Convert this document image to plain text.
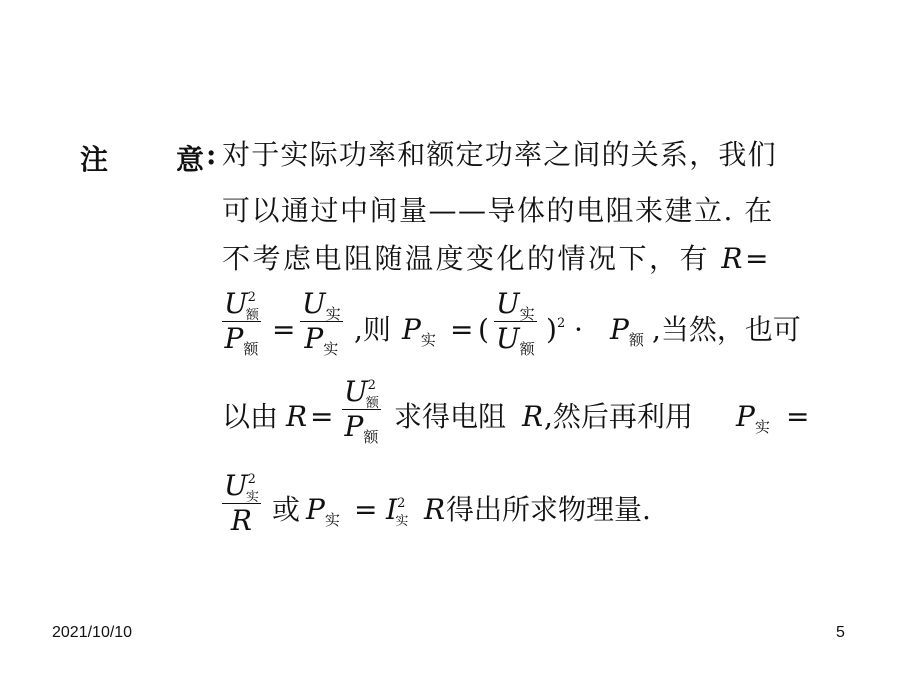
注 意 : 对于实际功率和额定功率之间的关系，我们
可以通过中间量——导体的电阻来建立. 在
不考虑电阻随温度变化的情况下，有 R=
$U^2_额$
$P_额$
=
$U_实$
$P_实$
,则 $P_实$ = (
$U_实$
$U_额$
)$^2 \cdot P_额$ ,当然，也可
以由 R =
$U^2_额$
$P_额$
求得电阻 R ,然后再利用 $P_实$ =
$U^2_实$
R 或 $P_实 = I^2_实$ R 得出所求物理量.
2021/10/10	5
